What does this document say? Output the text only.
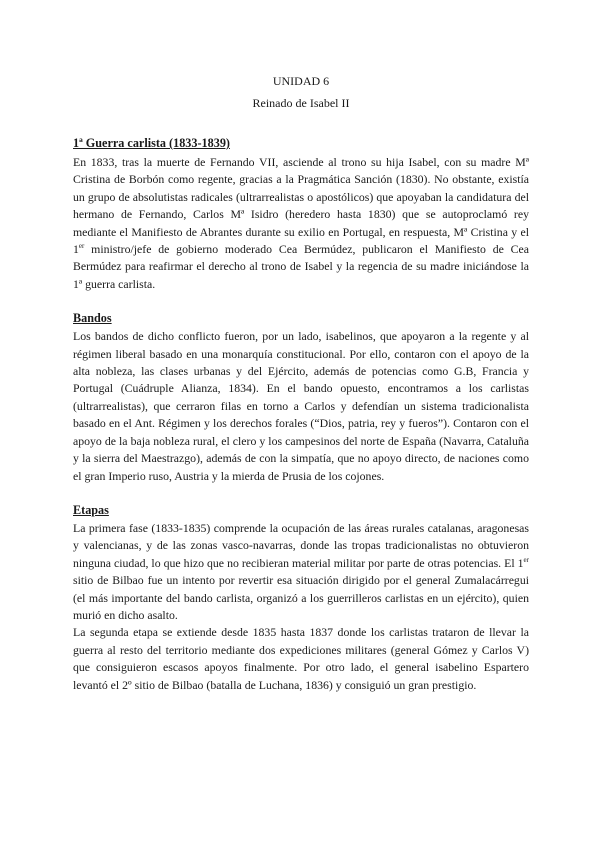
UNIDAD 6

Reinado de Isabel II

1ª Guerra carlista (1833-1839)

En 1833, tras la muerte de Fernando VII, asciende al trono su hija Isabel, con su madre Mª Cristina de Borbón como regente, gracias a la Pragmática Sanción (1830). No obstante, existía un grupo de absolutistas radicales (ultrarrealistas o apostólicos) que apoyaban la candidatura del hermano de Fernando, Carlos Mª Isidro (heredero hasta 1830) que se autoproclamó rey mediante el Manifiesto de Abrantes durante su exilio en Portugal, en respuesta, Mª Cristina y el 1er ministro/jefe de gobierno moderado Cea Bermúdez, publicaron el Manifiesto de Cea Bermúdez para reafirmar el derecho al trono de Isabel y la regencia de su madre iniciándose la 1ª guerra carlista.

Bandos

Los bandos de dicho conflicto fueron, por un lado, isabelinos, que apoyaron a la regente y al régimen liberal basado en una monarquía constitucional. Por ello, contaron con el apoyo de la alta nobleza, las clases urbanas y del Ejército, además de potencias como G.B, Francia y Portugal (Cuádruple Alianza, 1834). En el bando opuesto, encontramos a los carlistas (ultrarrealistas), que cerraron filas en torno a Carlos y defendían un sistema tradicionalista basado en el Ant. Régimen y los derechos forales (“Dios, patria, rey y fueros”). Contaron con el apoyo de la baja nobleza rural, el clero y los campesinos del norte de España (Navarra, Cataluña y la sierra del Maestrazgo), además de con la simpatía, que no apoyo directo, de naciones como el gran Imperio ruso, Austria y la mierda de Prusia de los cojones.

Etapas

La primera fase (1833-1835) comprende la ocupación de las áreas rurales catalanas, aragonesas y valencianas, y de las zonas vasco-navarras, donde las tropas tradicionalistas no obtuvieron ninguna ciudad, lo que hizo que no recibieran material militar por parte de otras potencias. El 1er sitio de Bilbao fue un intento por revertir esa situación dirigido por el general Zumalacárregui (el más importante del bando carlista, organizó a los guerrilleros carlistas en un ejército), quien murió en dicho asalto.

La segunda etapa se extiende desde 1835 hasta 1837 donde los carlistas trataron de llevar la guerra al resto del territorio mediante dos expediciones militares (general Gómez y Carlos V) que consiguieron escasos apoyos finalmente. Por otro lado, el general isabelino Espartero levantó el 2º sitio de Bilbao (batalla de Luchana, 1836) y consiguió un gran prestigio.
